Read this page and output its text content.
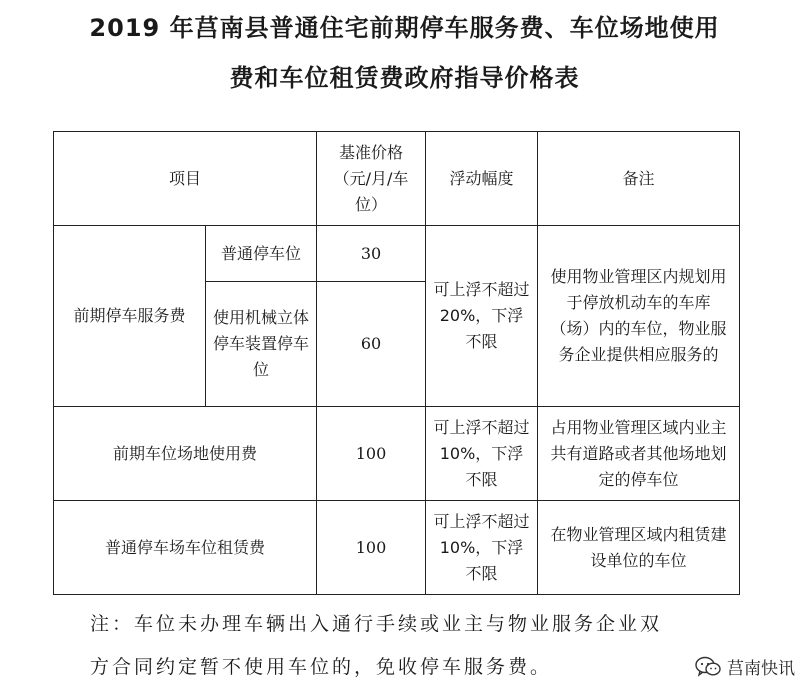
2019 年莒南县普通住宅前期停车服务费、车位场地使用
费和车位租赁费政府指导价格表
项目		基准价格（元/月/车位）	浮动幅度	备注
前期停车服务费	普通停车位	30	可上浮不超过 20%，下浮不限	使用物业管理区内规划用于停放机动车的车库（场）内的车位，物业服务企业提供相应服务的
	使用机械立体停车装置停车位	60		
前期车位场地使用费		100	可上浮不超过 10%，下浮不限	占用物业管理区域内业主共有道路或者其他场地划定的停车位
普通停车场车位租赁费		100	可上浮不超过 10%，下浮不限	在物业管理区域内租赁建设单位的车位
注：车位未办理车辆出入通行手续或业主与物业服务企业双
方合同约定暂不使用车位的，免收停车服务费。	莒南快讯
